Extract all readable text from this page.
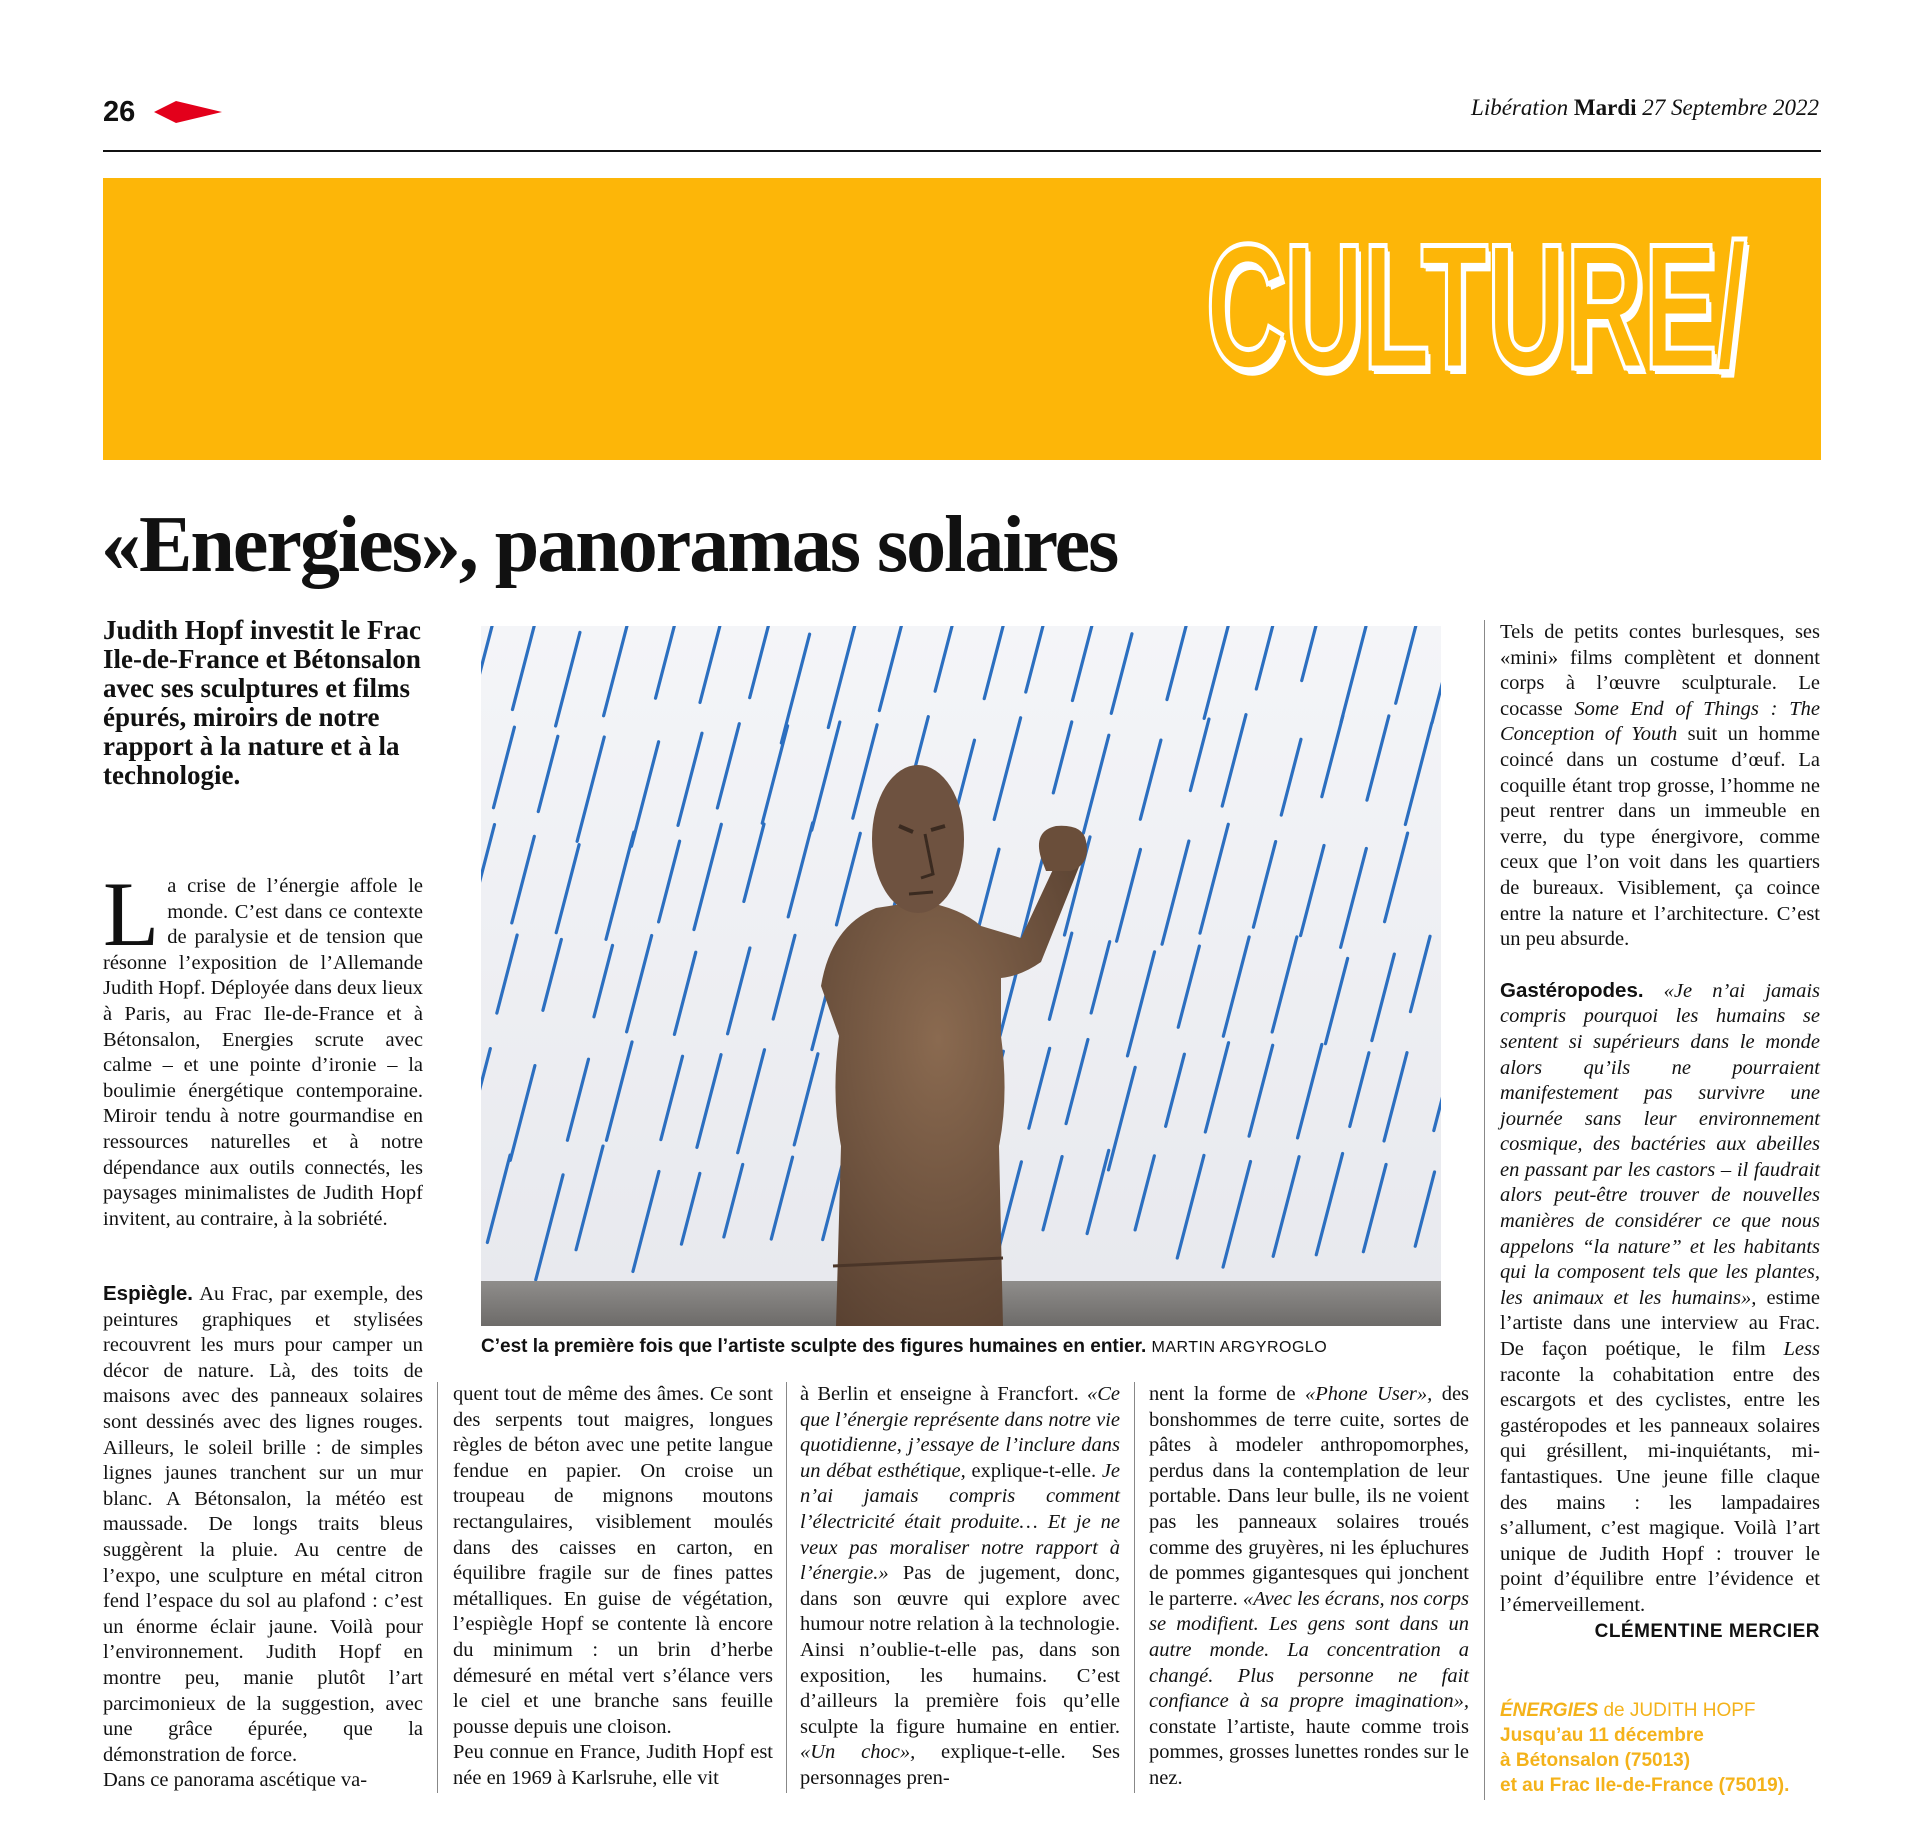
26	Libération Mardi 27 Septembre 2022
CULTURE/
«Energies», panoramas solaires
Judith Hopf investit le Frac Ile-de-France et Bétonsalon avec ses sculptures et films épurés, miroirs de notre rapport à la nature et à la technologie.

La crise de l’énergie affole le monde. C’est dans ce contexte de paralysie et de tension que résonne l’exposition de l’Allemande Judith Hopf. Déployée dans deux lieux à Paris, au Frac Ile-de-France et à Bétonsalon, Energies scrute avec calme – et une pointe d’ironie – la boulimie énergétique contemporaine. Miroir tendu à notre gourmandise en ressources naturelles et à notre dépendance aux outils connectés, les paysages minimalistes de Judith Hopf invitent, au contraire, à la sobriété.

Espiègle. Au Frac, par exemple, des peintures graphiques et stylisées recouvrent les murs pour camper un décor de nature. Là, des toits de maisons avec des panneaux solaires sont dessinés avec des lignes rouges. Ailleurs, le soleil brille : de simples lignes jaunes tranchent sur un mur blanc. A Bétonsalon, la météo est maussade. De longs traits bleus suggèrent la pluie. Au centre de l’expo, une sculpture en métal citron fend l’espace du sol au plafond : c’est un énorme éclair jaune. Voilà pour l’environnement. Judith Hopf en montre peu, manie plutôt l’art parcimonieux de la suggestion, avec une grâce épurée, que la démonstration de force.

Dans ce panorama ascétique va-

C’est la première fois que l’artiste sculpte des figures humaines en entier. MARTIN ARGYROGLO

quent tout de même des âmes. Ce sont des serpents tout maigres, longues règles de béton avec une petite langue fendue en papier. On croise un troupeau de mignons moutons rectangulaires, visiblement moulés dans des caisses en carton, en équilibre fragile sur de fines pattes métalliques. En guise de végétation, l’espiègle Hopf se contente là encore du minimum : un brin d’herbe démesuré en métal vert s’élance vers le ciel et une branche sans feuille pousse depuis une cloison.

Peu connue en France, Judith Hopf est née en 1969 à Karlsruhe, elle vit

à Berlin et enseigne à Francfort. «Ce que l’énergie représente dans notre vie quotidienne, j’essaye de l’inclure dans un débat esthétique, explique-t-elle. Je n’ai jamais compris comment l’électricité était produite… Et je ne veux pas moraliser notre rapport à l’énergie.» Pas de jugement, donc, dans son œuvre qui explore avec humour notre relation à la technologie. Ainsi n’oublie-t-elle pas, dans son exposition, les humains. C’est d’ailleurs la première fois qu’elle sculpte la figure humaine en entier. «Un choc», explique-t-elle. Ses personnages pren-

nent la forme de «Phone User», des bonshommes de terre cuite, sortes de pâtes à modeler anthropomorphes, perdus dans la contemplation de leur portable. Dans leur bulle, ils ne voient pas les panneaux solaires troués comme des gruyères, ni les épluchures de pommes gigantesques qui jonchent le parterre. «Avec les écrans, nos corps se modifient. Les gens sont dans un autre monde. La concentration a changé. Plus personne ne fait confiance à sa propre imagination», constate l’artiste, haute comme trois pommes, grosses lunettes rondes sur le nez.

Tels de petits contes burlesques, ses «mini» films complètent et donnent corps à l’œuvre sculpturale. Le cocasse Some End of Things : The Conception of Youth suit un homme coincé dans un costume d’œuf. La coquille étant trop grosse, l’homme ne peut rentrer dans un immeuble en verre, du type énergivore, comme ceux que l’on voit dans les quartiers de bureaux. Visiblement, ça coince entre la nature et l’architecture. C’est un peu absurde.

Gastéropodes. «Je n’ai jamais compris pourquoi les humains se sentent si supérieurs dans le monde alors qu’ils ne pourraient manifestement pas survivre une journée sans leur environnement cosmique, des bactéries aux abeilles en passant par les castors – il faudrait alors peut-être trouver de nouvelles manières de considérer ce que nous appelons “la nature” et les habitants qui la composent tels que les plantes, les animaux et les humains», estime l’artiste dans une interview au Frac. De façon poétique, le film Less raconte la cohabitation entre des escargots et des cyclistes, entre les gastéropodes et les panneaux solaires qui grésillent, mi-inquiétants, mi-fantastiques. Une jeune fille claque des mains : les lampadaires s’allument, c’est magique. Voilà l’art unique de Judith Hopf : trouver le point d’équilibre entre l’évidence et l’émerveillement.

CLÉMENTINE MERCIER

ÉNERGIES de JUDITH HOPF
Jusqu’au 11 décembre
à Bétonsalon (75013)
et au Frac Ile-de-France (75019).
